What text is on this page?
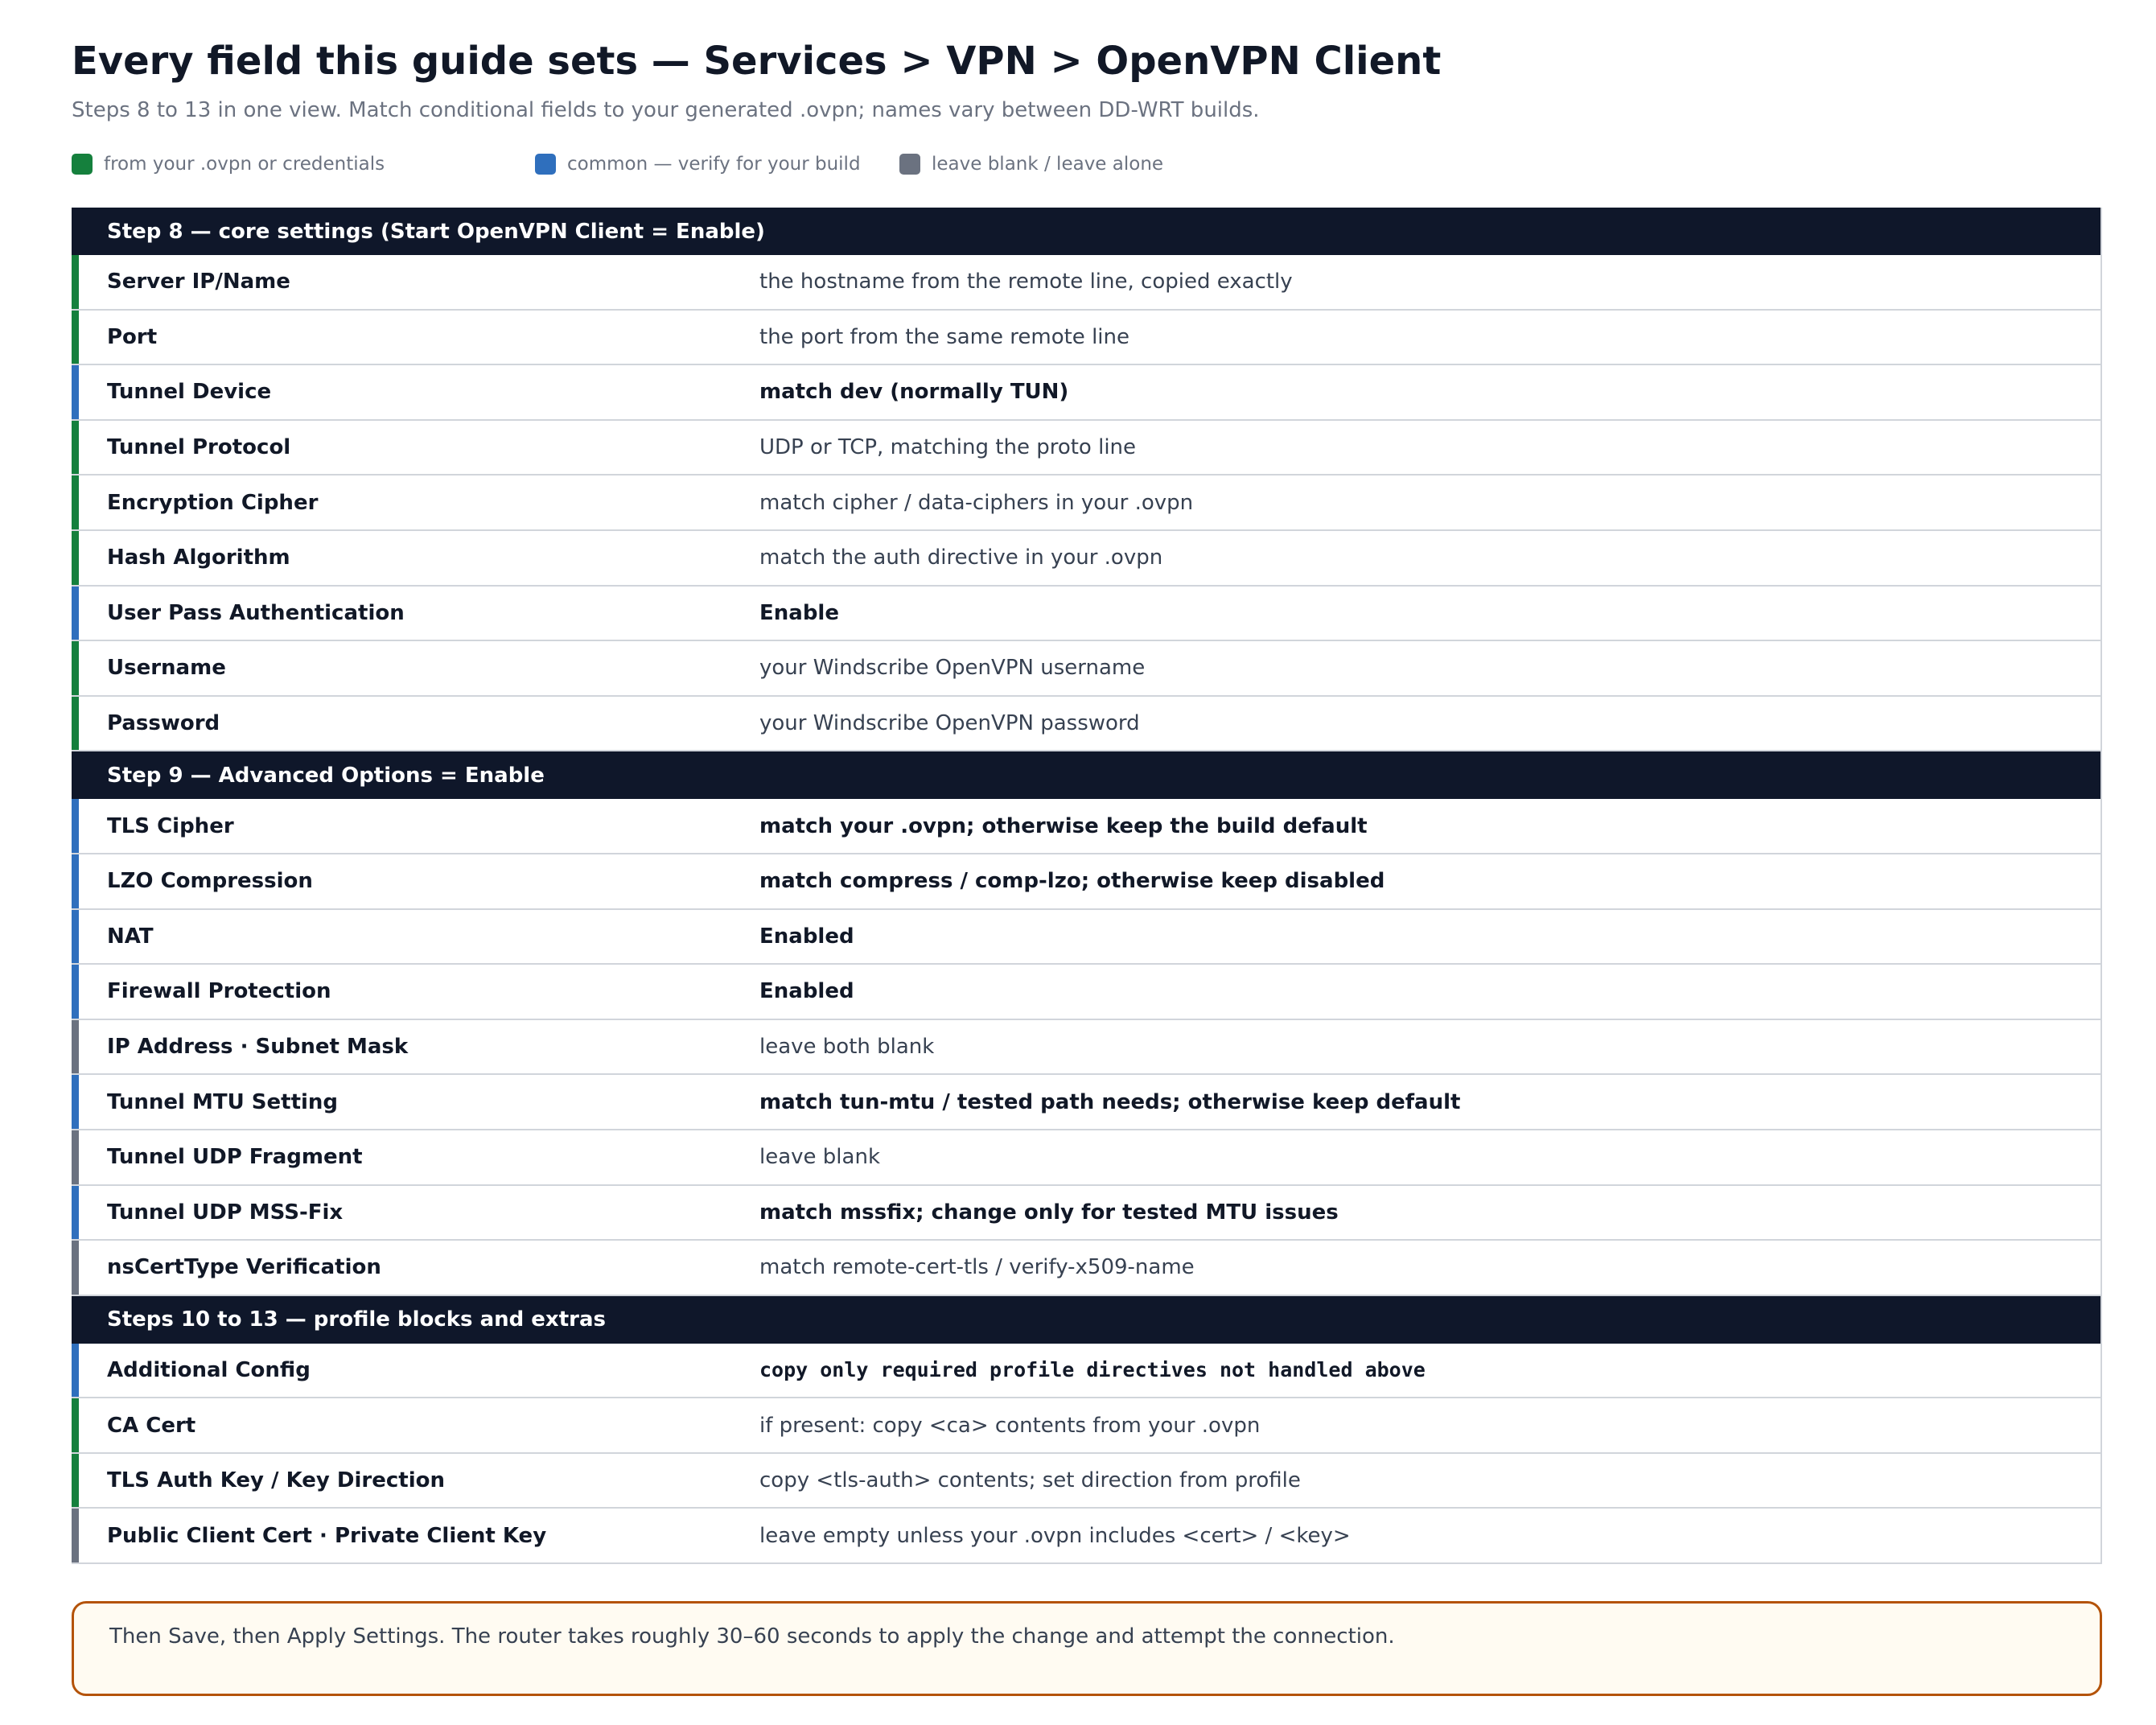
Every field this guide sets — Services > VPN > OpenVPN Client
Steps 8 to 13 in one view. Match conditional fields to your generated .ovpn; names vary between DD-WRT builds.
from your .ovpn or credentials	common — verify for your build	leave blank / leave alone
Step 8 — core settings (Start OpenVPN Client = Enable)
Server IP/Name	the hostname from the remote line, copied exactly
Port	the port from the same remote line
Tunnel Device	match dev (normally TUN)
Tunnel Protocol	UDP or TCP, matching the proto line
Encryption Cipher	match cipher / data-ciphers in your .ovpn
Hash Algorithm	match the auth directive in your .ovpn
User Pass Authentication	Enable
Username	your Windscribe OpenVPN username
Password	your Windscribe OpenVPN password
Step 9 — Advanced Options = Enable
TLS Cipher	match your .ovpn; otherwise keep the build default
LZO Compression	match compress / comp-lzo; otherwise keep disabled
NAT	Enabled
Firewall Protection	Enabled
IP Address · Subnet Mask	leave both blank
Tunnel MTU Setting	match tun-mtu / tested path needs; otherwise keep default
Tunnel UDP Fragment	leave blank
Tunnel UDP MSS-Fix	match mssfix; change only for tested MTU issues
nsCertType Verification	match remote-cert-tls / verify-x509-name
Steps 10 to 13 — profile blocks and extras
Additional Config	copy only required profile directives not handled above
CA Cert	if present: copy <ca> contents from your .ovpn
TLS Auth Key / Key Direction	copy <tls-auth> contents; set direction from profile
Public Client Cert · Private Client Key	leave empty unless your .ovpn includes <cert> / <key>
Then Save, then Apply Settings. The router takes roughly 30–60 seconds to apply the change and attempt the connection.
